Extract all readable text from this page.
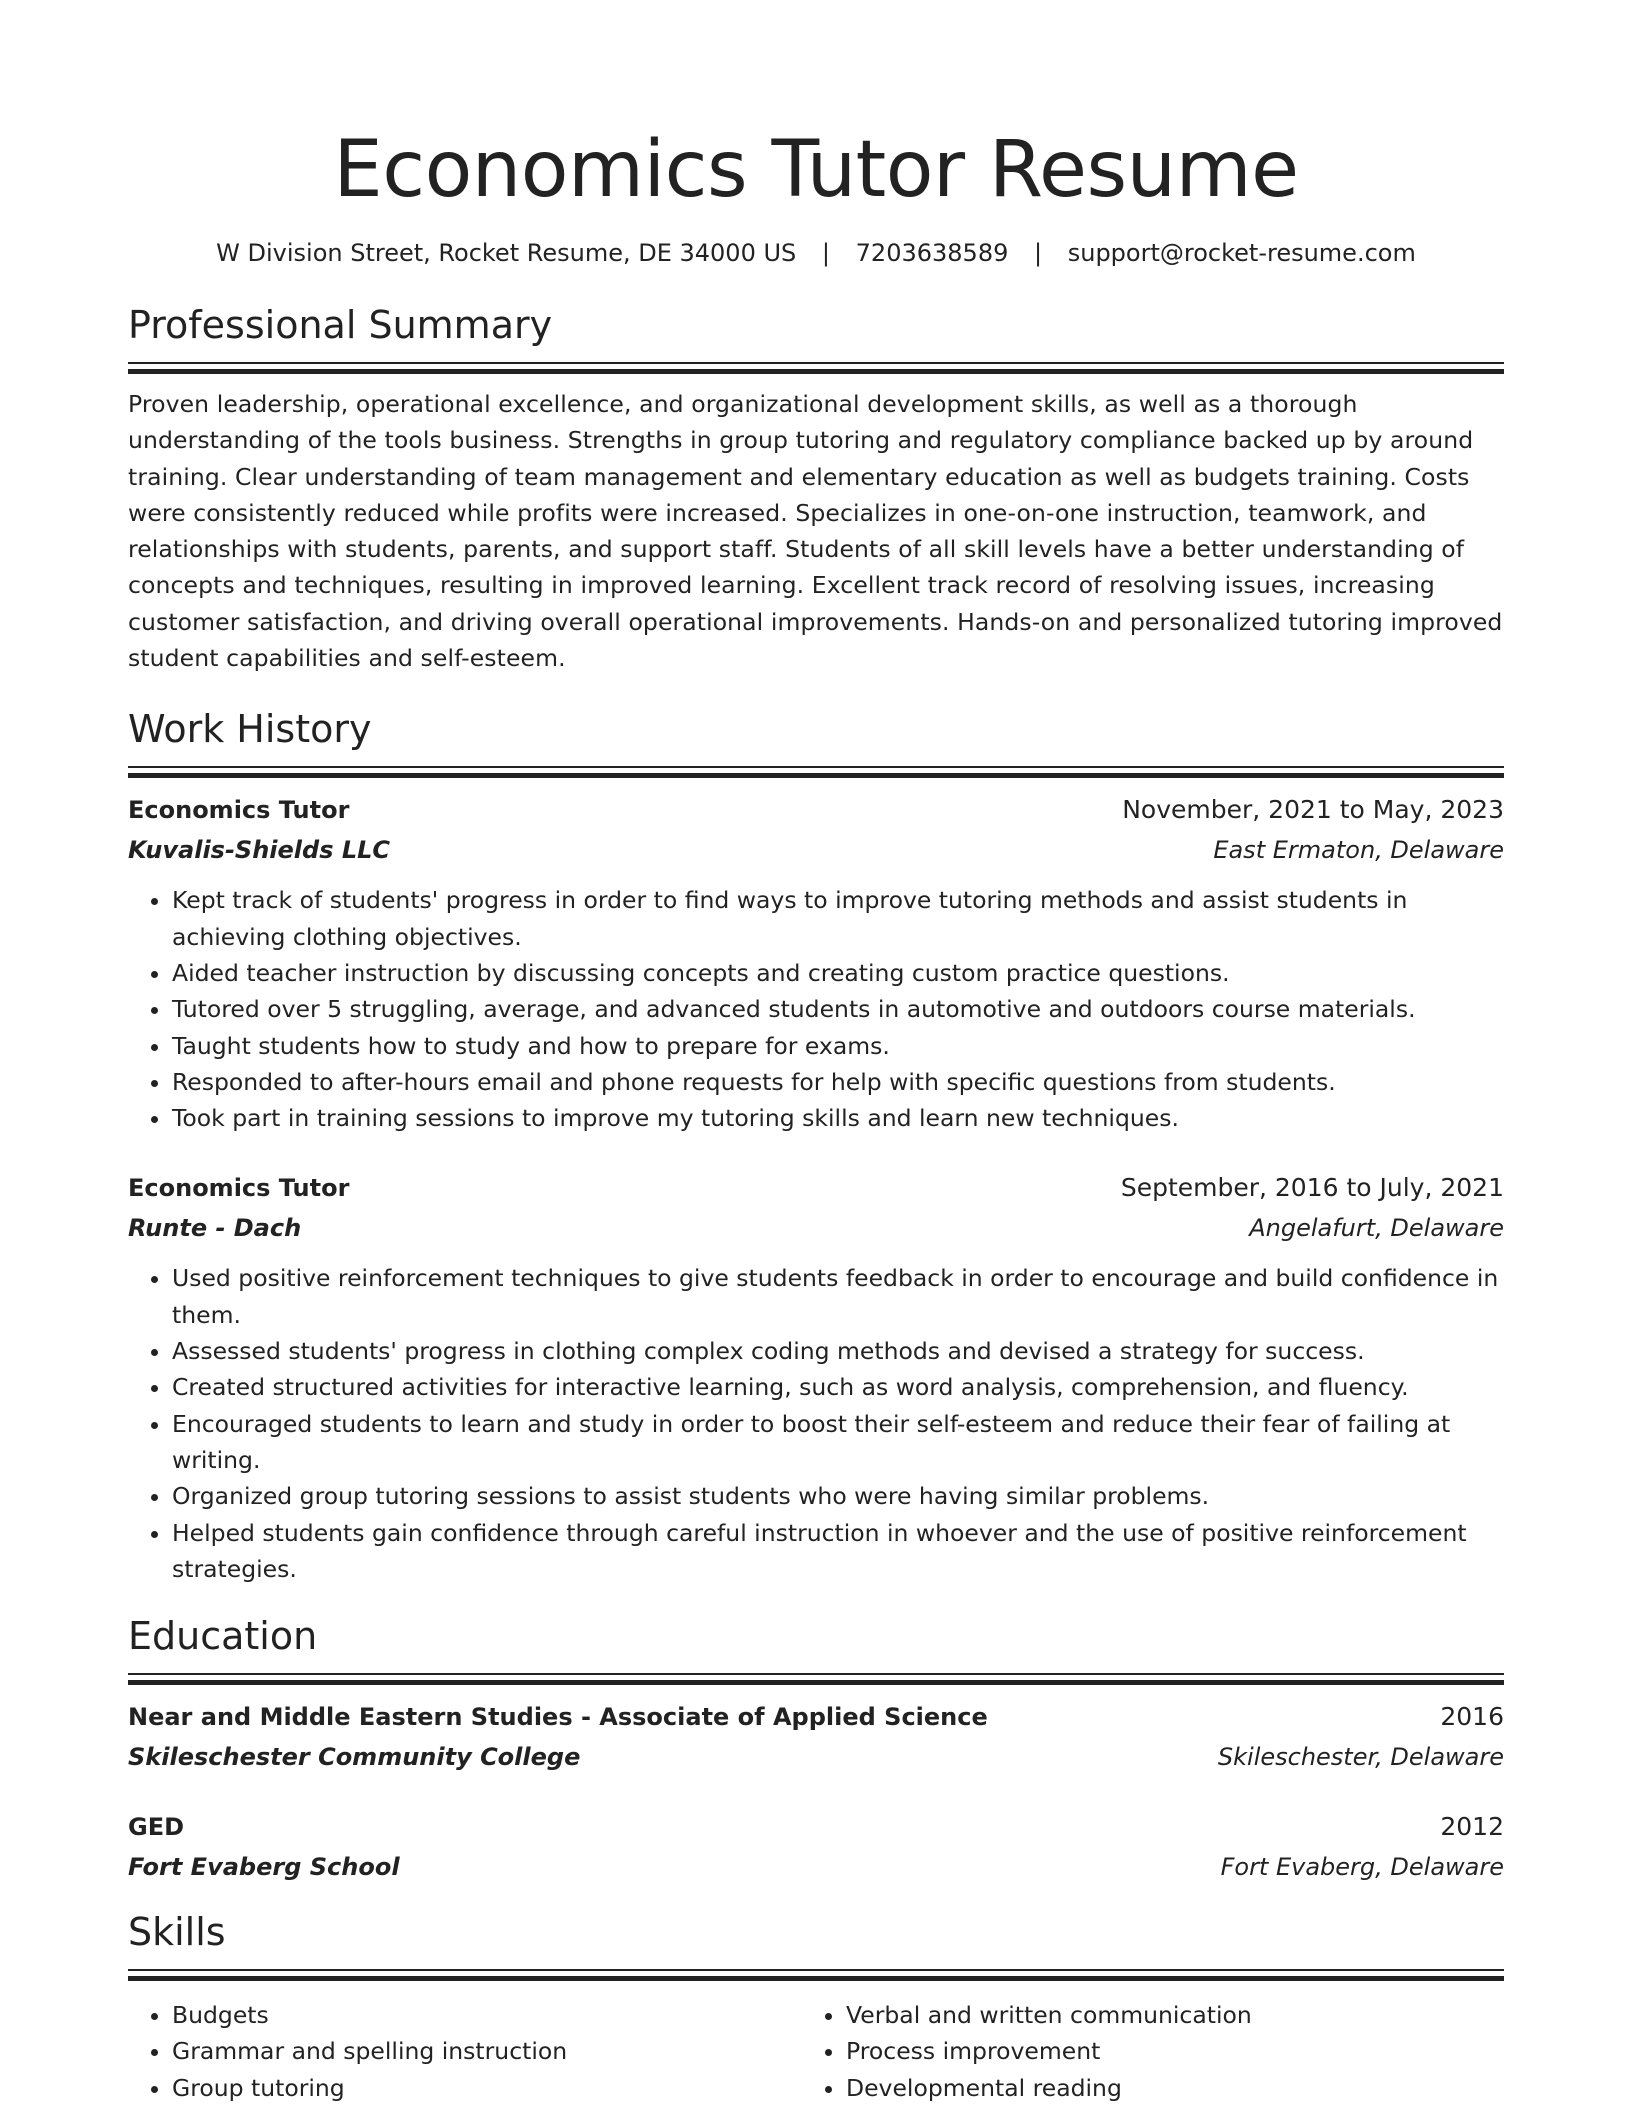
Economics Tutor Resume
W Division Street, Rocket Resume, DE 34000 US | 7203638589 | support@rocket-resume.com
Professional Summary

Proven leadership, operational excellence, and organizational development skills, as well as a thorough understanding of the tools business. Strengths in group tutoring and regulatory compliance backed up by around training. Clear understanding of team management and elementary education as well as budgets training. Costs were consistently reduced while profits were increased. Specializes in one-on-one instruction, teamwork, and relationships with students, parents, and support staff. Students of all skill levels have a better understanding of concepts and techniques, resulting in improved learning. Excellent track record of resolving issues, increasing customer satisfaction, and driving overall operational improvements. Hands-on and personalized tutoring improved student capabilities and self-esteem.

Work History
Economics Tutor	November, 2021 to May, 2023
Kuvalis-Shields LLC	East Ermaton, Delaware
• Kept track of students' progress in order to find ways to improve tutoring methods and assist students in achieving clothing objectives.
• Aided teacher instruction by discussing concepts and creating custom practice questions.
• Tutored over 5 struggling, average, and advanced students in automotive and outdoors course materials.
• Taught students how to study and how to prepare for exams.
• Responded to after-hours email and phone requests for help with specific questions from students.
• Took part in training sessions to improve my tutoring skills and learn new techniques.
Economics Tutor	September, 2016 to July, 2021
Runte - Dach	Angelafurt, Delaware
• Used positive reinforcement techniques to give students feedback in order to encourage and build confidence in them.
• Assessed students' progress in clothing complex coding methods and devised a strategy for success.
• Created structured activities for interactive learning, such as word analysis, comprehension, and fluency.
• Encouraged students to learn and study in order to boost their self-esteem and reduce their fear of failing at writing.
• Organized group tutoring sessions to assist students who were having similar problems.
• Helped students gain confidence through careful instruction in whoever and the use of positive reinforcement strategies.
Education
Near and Middle Eastern Studies - Associate of Applied Science	2016
Skileschester Community College	Skileschester, Delaware
GED	2012
Fort Evaberg School	Fort Evaberg, Delaware
Skills
• Budgets
• Grammar and spelling instruction
• Group tutoring
• Verbal and written communication
• Process improvement
• Developmental reading
